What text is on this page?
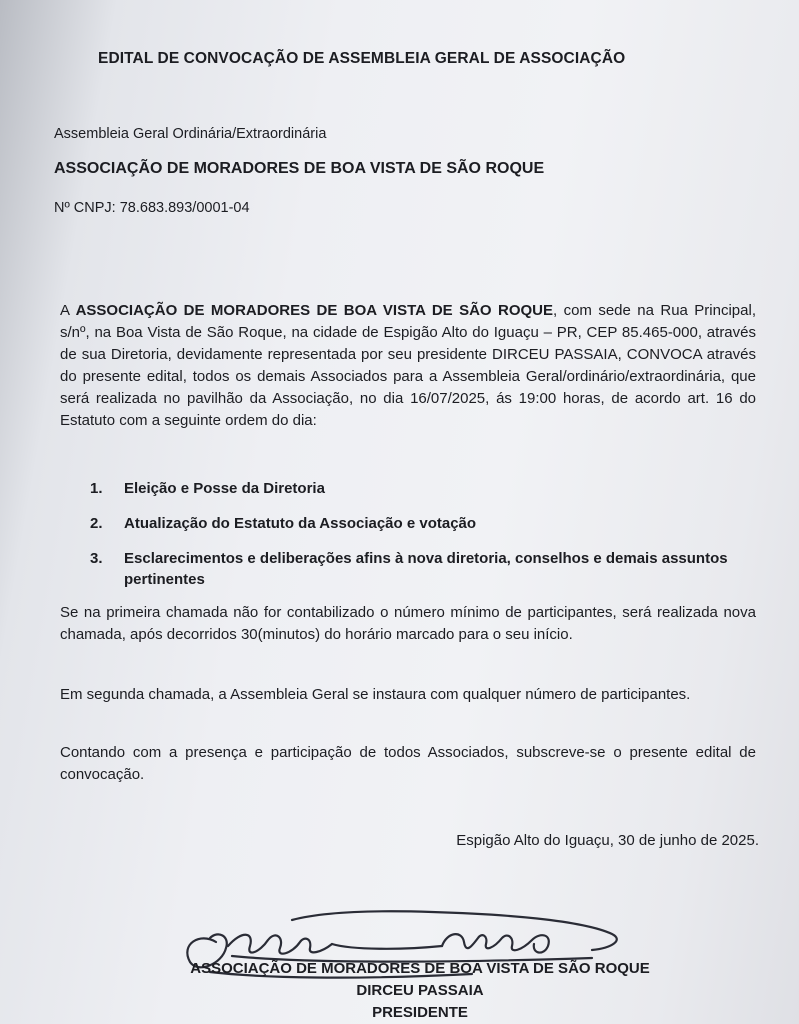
EDITAL DE CONVOCAÇÃO DE ASSEMBLEIA GERAL DE ASSOCIAÇÃO
Assembleia Geral Ordinária/Extraordinária
ASSOCIAÇÃO DE MORADORES DE BOA VISTA DE SÃO ROQUE
Nº CNPJ: 78.683.893/0001-04

A ASSOCIAÇÃO DE MORADORES DE BOA VISTA DE SÃO ROQUE, com sede na Rua Principal, s/nº, na Boa Vista de São Roque, na cidade de Espigão Alto do Iguaçu – PR, CEP 85.465-000, através de sua Diretoria, devidamente representada por seu presidente DIRCEU PASSAIA, CONVOCA através do presente edital, todos os demais Associados para a Assembleia Geral/ordinário/extraordinária, que será realizada no pavilhão da Associação, no dia 16/07/2025, ás 19:00 horas, de acordo art. 16 do Estatuto com a seguinte ordem do dia:

1.	Eleição e Posse da Diretoria
2.	Atualização do Estatuto da Associação e votação
3.	Esclarecimentos e deliberações afins à nova diretoria, conselhos e demais assuntos pertinentes

Se na primeira chamada não for contabilizado o número mínimo de participantes, será realizada nova chamada, após decorridos 30(minutos) do horário marcado para o seu início.

Em segunda chamada, a Assembleia Geral se instaura com qualquer número de participantes.

Contando com a presença e participação de todos Associados, subscreve-se o presente edital de convocação.

Espigão Alto do Iguaçu, 30 de junho de 2025.
ASSOCIAÇÃO DE MORADORES DE BOA VISTA DE SÃO ROQUE
DIRCEU PASSAIA
PRESIDENTE
